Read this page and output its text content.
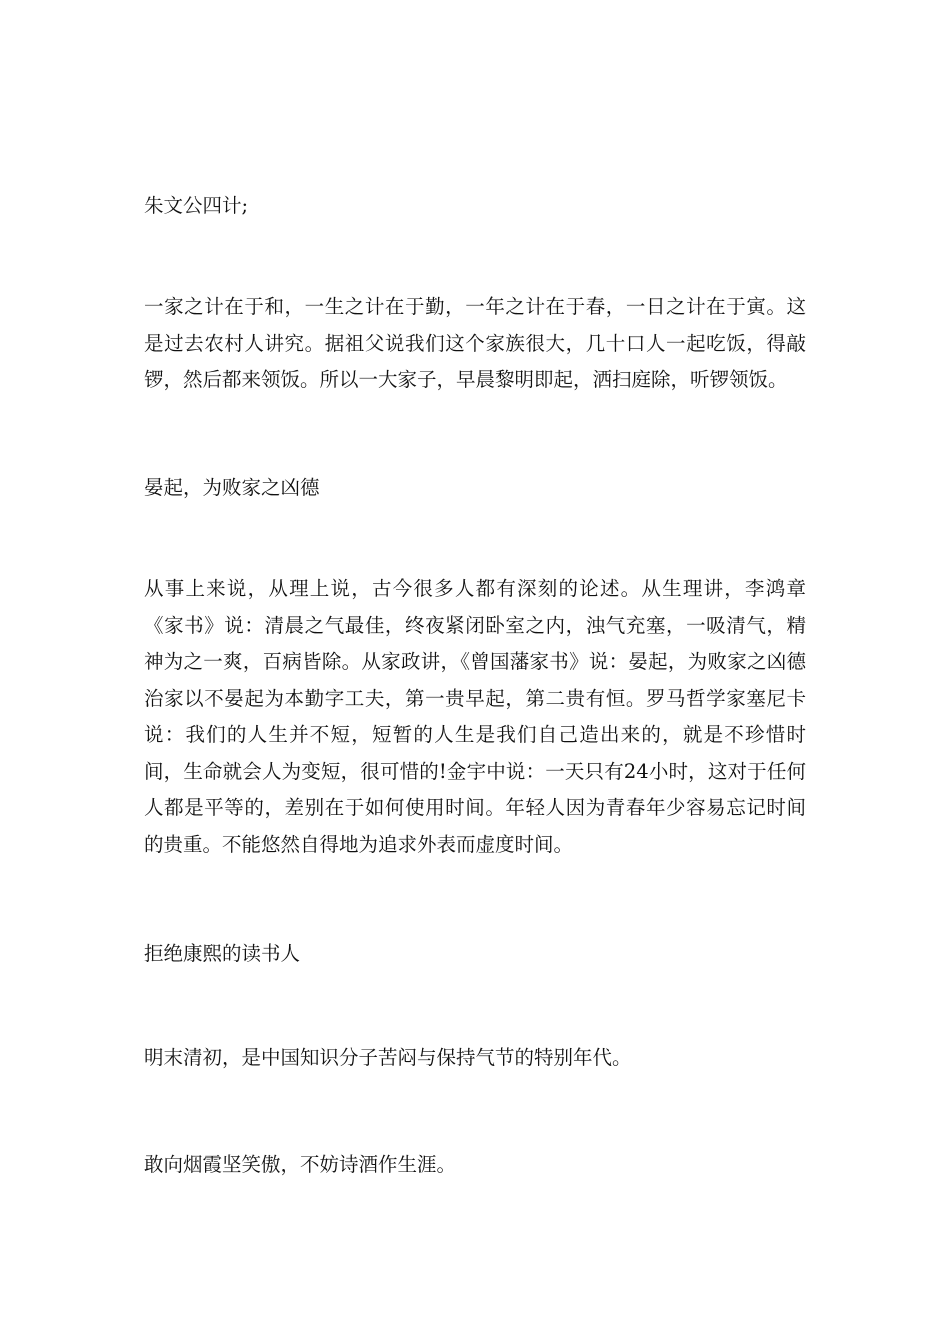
朱文公四计;

一家之计在于和，一生之计在于勤，一年之计在于春，一日之计在于寅。这是过去农村人讲究。据祖父说我们这个家族很大，几十口人一起吃饭，得敲锣，然后都来领饭。所以一大家子，早晨黎明即起，洒扫庭除，听锣领饭。

晏起，为败家之凶德

从事上来说，从理上说，古今很多人都有深刻的论述。从生理讲，李鸿章《家书》说：清晨之气最佳，终夜紧闭卧室之内，浊气充塞，一吸清气，精神为之一爽，百病皆除。从家政讲，《曾国藩家书》说：晏起，为败家之凶德治家以不晏起为本勤字工夫，第一贵早起，第二贵有恒。罗马哲学家塞尼卡说：我们的人生并不短，短暂的人生是我们自己造出来的，就是不珍惜时间，生命就会人为变短，很可惜的!金宇中说：一天只有24小时，这对于任何人都是平等的，差别在于如何使用时间。年轻人因为青春年少容易忘记时间的贵重。不能悠然自得地为追求外表而虚度时间。

拒绝康熙的读书人

明末清初，是中国知识分子苦闷与保持气节的特别年代。

敢向烟霞坚笑傲，不妨诗酒作生涯。
